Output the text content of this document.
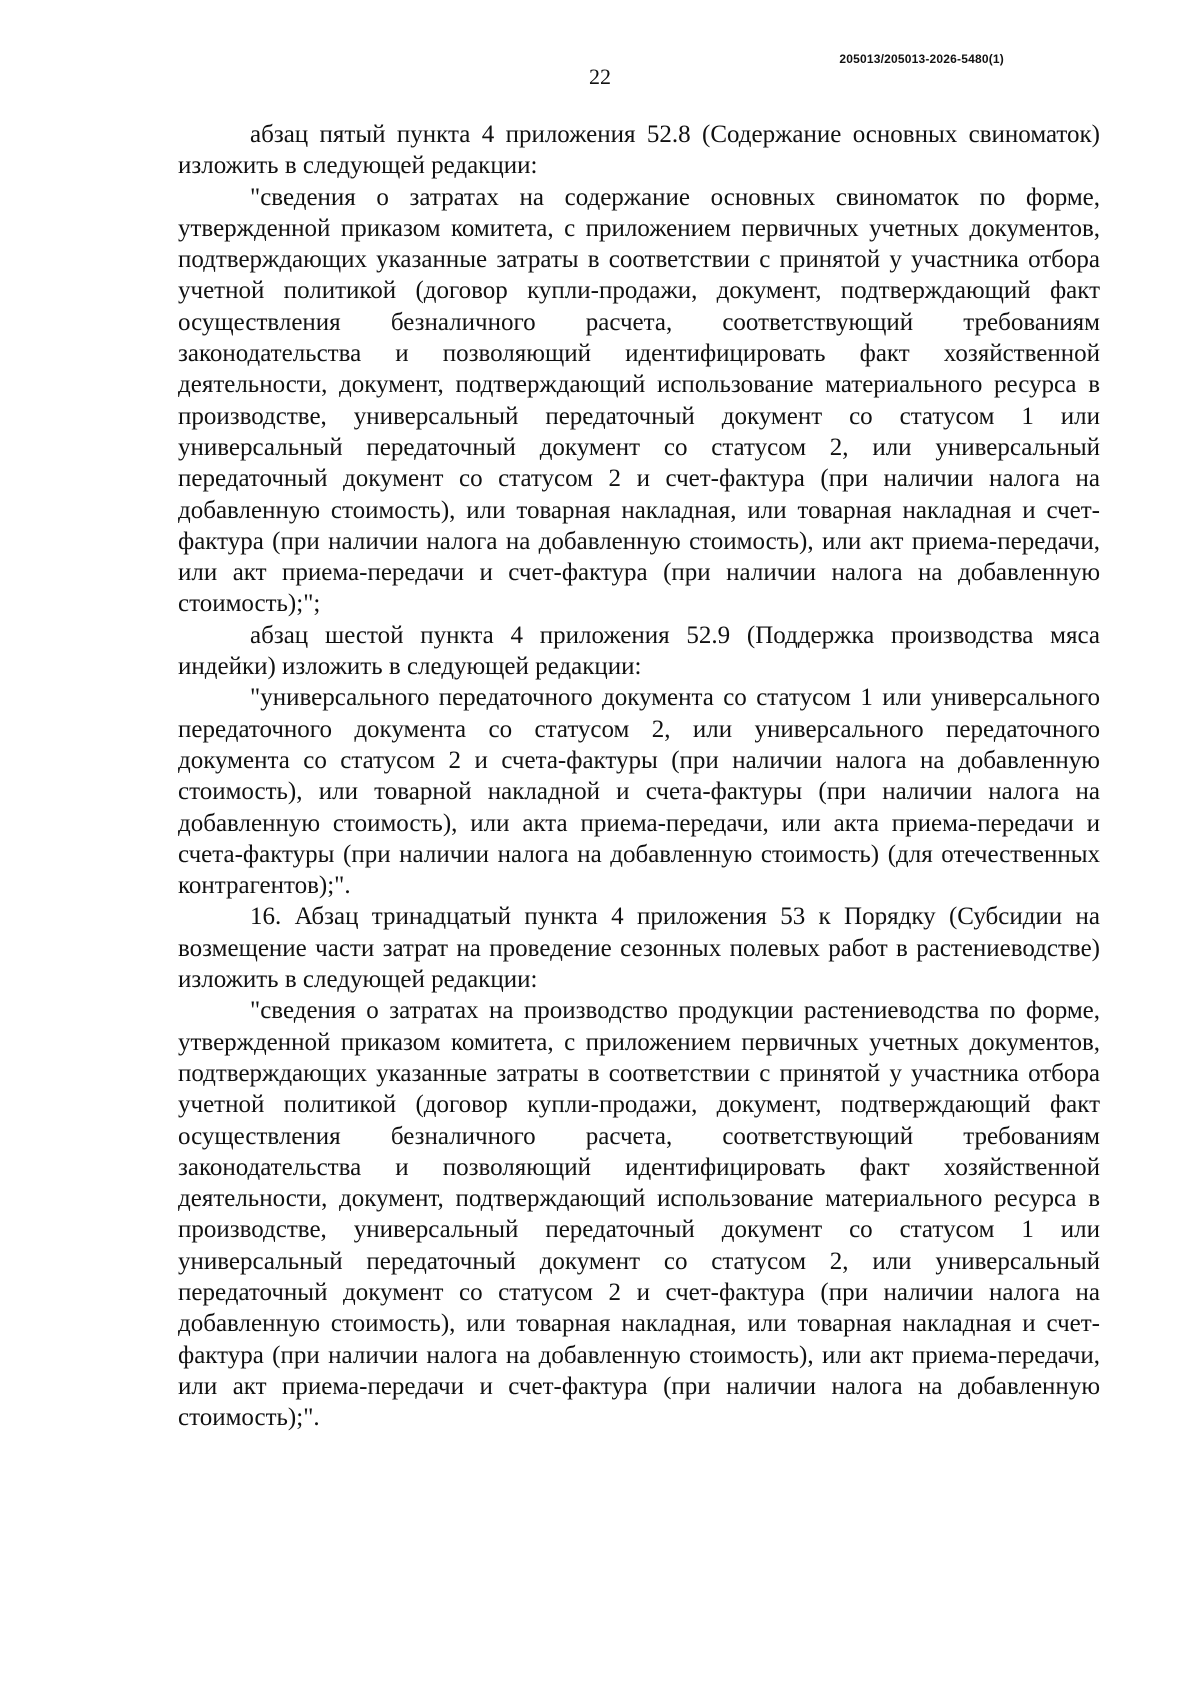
205013/205013-2026-5480(1)
22

абзац пятый пункта 4 приложения 52.8 (Содержание основных свиноматок) изложить в следующей редакции:

"сведения о затратах на содержание основных свиноматок по форме, утвержденной приказом комитета, с приложением первичных учетных документов, подтверждающих указанные затраты в соответствии с принятой у участника отбора учетной политикой (договор купли-продажи, документ, подтверждающий факт осуществления безналичного расчета, соответствующий требованиям законодательства и позволяющий идентифицировать факт хозяйственной деятельности, документ, подтверждающий использование материального ресурса в производстве, универсальный передаточный документ со статусом 1 или универсальный передаточный документ со статусом 2, или универсальный передаточный документ со статусом 2 и счет-фактура (при наличии налога на добавленную стоимость), или товарная накладная, или товарная накладная и счет-фактура (при наличии налога на добавленную стоимость), или акт приема-передачи, или акт приема-передачи и счет-фактура (при наличии налога на добавленную стоимость);";

абзац шестой пункта 4 приложения 52.9 (Поддержка производства мяса индейки) изложить в следующей редакции:

"универсального передаточного документа со статусом 1 или универсального передаточного документа со статусом 2, или универсального передаточного документа со статусом 2 и счета-фактуры (при наличии налога на добавленную стоимость), или товарной накладной и счета-фактуры (при наличии налога на добавленную стоимость), или акта приема-передачи, или акта приема-передачи и счета-фактуры (при наличии налога на добавленную стоимость) (для отечественных контрагентов);".

16. Абзац тринадцатый пункта 4 приложения 53 к Порядку (Субсидии на возмещение части затрат на проведение сезонных полевых работ в растениеводстве) изложить в следующей редакции:

"сведения о затратах на производство продукции растениеводства по форме, утвержденной приказом комитета, с приложением первичных учетных документов, подтверждающих указанные затраты в соответствии с принятой у участника отбора учетной политикой (договор купли-продажи, документ, подтверждающий факт осуществления безналичного расчета, соответствующий требованиям законодательства и позволяющий идентифицировать факт хозяйственной деятельности, документ, подтверждающий использование материального ресурса в производстве, универсальный передаточный документ со статусом 1 или универсальный передаточный документ со статусом 2, или универсальный передаточный документ со статусом 2 и счет-фактура (при наличии налога на добавленную стоимость), или товарная накладная, или товарная накладная и счет-фактура (при наличии налога на добавленную стоимость), или акт приема-передачи, или акт приема-передачи и счет-фактура (при наличии налога на добавленную стоимость);".
